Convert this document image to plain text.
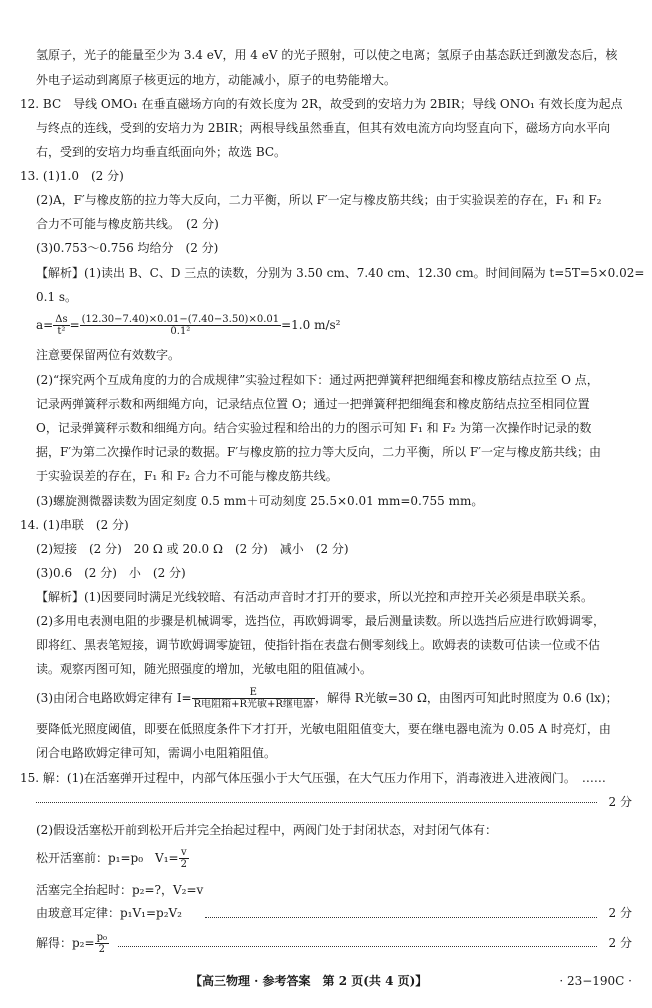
氢原子，光子的能量至少为 3.4 eV，用 4 eV 的光子照射，可以使之电离；氢原子由基态跃迁到激发态后，核
外电子运动到离原子核更远的地方，动能减小，原子的电势能增大。
12. BC　导线 OMO₁ 在垂直磁场方向的有效长度为 2R，故受到的安培力为 2BIR；导线 ONO₁ 有效长度为起点
与终点的连线，受到的安培力为 2BIR；两根导线虽然垂直，但其有效电流方向均竖直向下，磁场方向水平向
右，受到的安培力均垂直纸面向外；故选 BC。
13. (1)1.0　(2 分)
(2)A，F′与橡皮筋的拉力等大反向，二力平衡，所以 F′一定与橡皮筋共线；由于实验误差的存在，F₁ 和 F₂
合力不可能与橡皮筋共线。　(2 分)
(3)0.753～0.756 均给分　(2 分)
【解析】(1)读出 B、C、D 三点的读数，分别为 3.50 cm、7.40 cm、12.30 cm。时间间隔为 t=5T=5×0.02=
0.1 s。
$a= \frac{\Delta s}{\text{t²}} = \frac{(12.30-7.40)\times 0.01-(7.40-3.50)\times 0.01}{\text{0.1²}} =1.0$ m/s²
注意要保留两位有效数字。
(2)“探究两个互成角度的力的合成规律”实验过程如下：通过两把弹簧秤把细绳套和橡皮筋结点拉至 O 点，
记录两弹簧秤示数和两细绳方向，记录结点位置 O；通过一把弹簧秤把细绳套和橡皮筋结点拉至相同位置
O，记录弹簧秤示数和细绳方向。结合实验过程和给出的力的图示可知 F₁ 和 F₂ 为第一次操作时记录的数
据，F′为第二次操作时记录的数据。F′与橡皮筋的拉力等大反向，二力平衡，所以 F′一定与橡皮筋共线；由
于实验误差的存在，F₁ 和 F₂ 合力不可能与橡皮筋共线。
(3)螺旋测微器读数为固定刻度 0.5 mm＋可动刻度 25.5×0.01 mm=0.755 mm。
14. (1)串联　(2 分)
(2)短接　(2 分)　20 Ω 或 20.0 Ω　(2 分)　减小　(2 分)
(3)0.6　(2 分)　小　(2 分)
【解析】(1)因要同时满足光线较暗、有活动声音时才打开的要求，所以光控和声控开关必须是串联关系。
(2)多用电表测电阻的步骤是机械调零，选挡位，再欧姆调零，最后测量读数。所以选挡后应进行欧姆调零，
即将红、黑表笔短接，调节欧姆调零旋钮，使指针指在表盘右侧零刻线上。欧姆表的读数可估读一位或不估
读。观察丙图可知，随光照强度的增加，光敏电阻的阻值减小。
(3)由闭合电路欧姆定律有 $I= \frac{E}{\text{R电阻箱+R光敏+R继电器}}$ ，解得 R光敏=30 Ω，由图丙可知此时照度为 0.6 (lx)；
要降低光照度阈值，即要在低照度条件下才打开，光敏电阻阻值变大，要在继电器电流为 0.05 A 时亮灯，由
闭合电路欧姆定律可知，需调小电阻箱阻值。
15. 解：(1)在活塞弹开过程中，内部气体压强小于大气压强，在大气压力作用下，消毒液进入进液阀门。　……
2 分
(2)假设活塞松开前到松开后并完全抬起过程中，两阀门处于封闭状态，对封闭气体有：
松开活塞前：p₁=p₀　$V_1= \frac{v}{2}$
活塞完全抬起时：p₂=?，V₂=v
由玻意耳定律：p₁V₁=p₂V₂	2 分
解得：$p_2= \frac{\text{p₀}}{2}$	2 分
【高三物理 · 参考答案　第 2 页(共 4 页)】	· 23−190C ·
